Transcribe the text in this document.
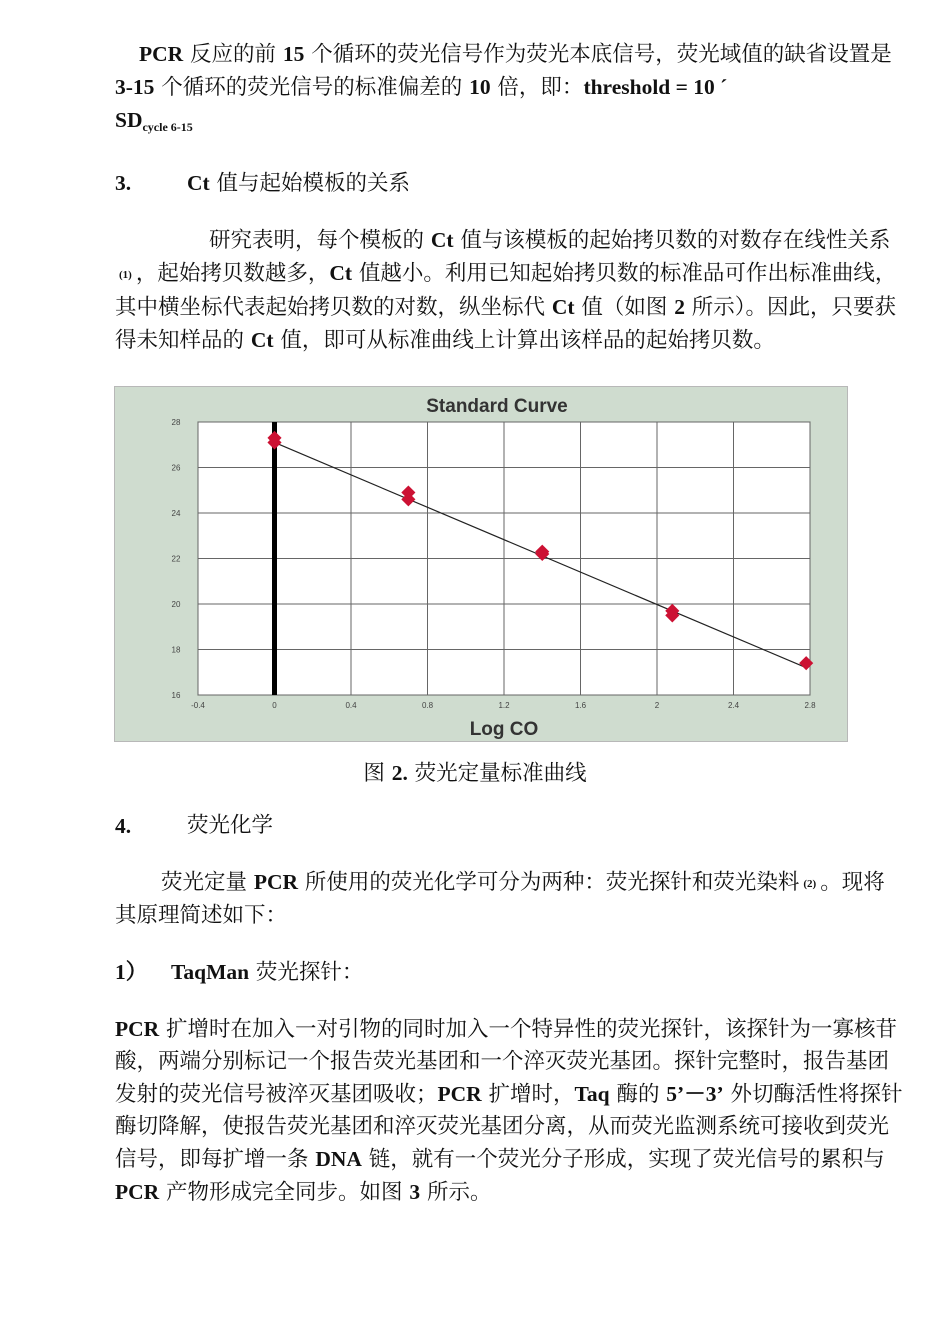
PCR 反应的前 15 个循环的荧光信号作为荧光本底信号，荧光域值的缺省设置是 3-15 个循环的荧光信号的标准偏差的 10 倍，即：threshold = 10 ´
$SD_{cycle 6-15}$

3.	Ct 值与起始模板的关系

研究表明，每个模板的 Ct 值与该模板的起始拷贝数的对数存在线性关系(1) ，起始拷贝数越多，Ct 值越小。利用已知起始拷贝数的标准品可作出标准曲线，其中横坐标代表起始拷贝数的对数，纵坐标代 Ct 值（如图 2 所示）。因此，只要获得未知样品的 Ct 值，即可从标准曲线上计算出该样品的起始拷贝数。

Standard Curve
16
18
20
22
24
26
28
-0.4	0	0.4	0.8	1.2	1.6	2	2.4	2.8
Log CO
图 2. 荧光定量标准曲线
4.	荧光化学

荧光定量 PCR 所使用的荧光化学可分为两种：荧光探针和荧光染料 (2) 。现将其原理简述如下：

1）	TaqMan 荧光探针：

PCR 扩增时在加入一对引物的同时加入一个特异性的荧光探针，该探针为一寡核苷酸，两端分别标记一个报告荧光基团和一个淬灭荧光基团。探针完整时，报告基团发射的荧光信号被淬灭基团吸收；PCR 扩增时，Taq 酶的 5’－3’ 外切酶活性将探针酶切降解，使报告荧光基团和淬灭荧光基团分离，从而荧光监测系统可接收到荧光信号，即每扩增一条 DNA 链，就有一个荧光分子形成，实现了荧光信号的累积与 PCR 产物形成完全同步。如图 3 所示。
